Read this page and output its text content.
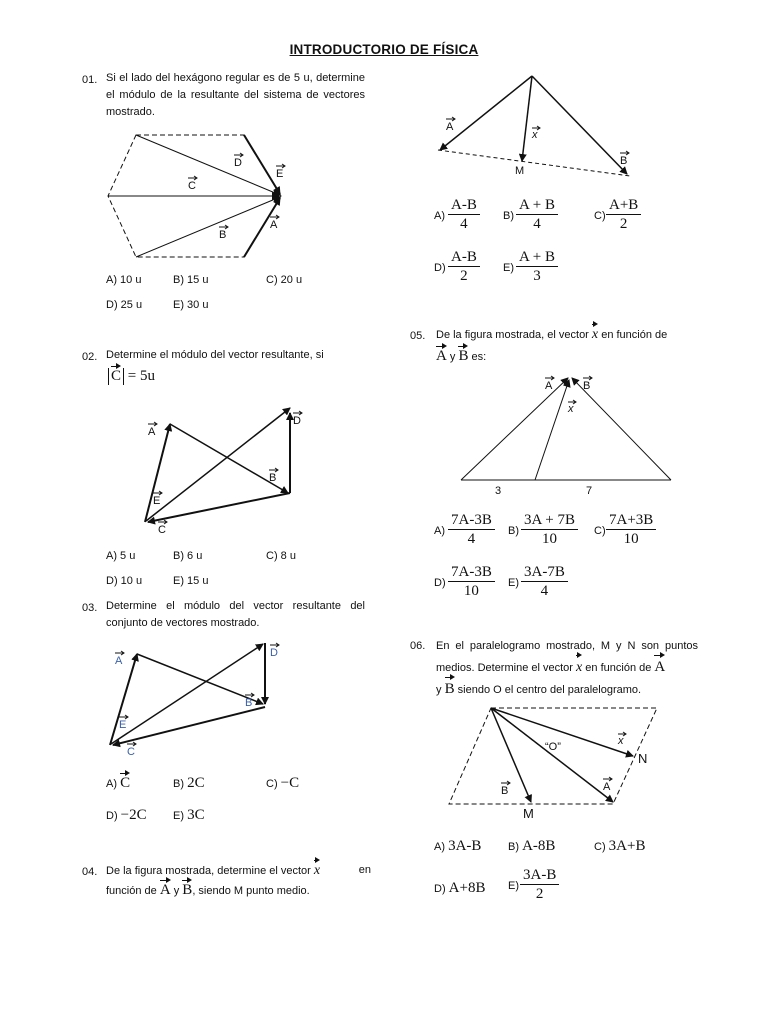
INTRODUCTORIO DE FÍSICA
01. Si el lado del hexágono regular es de 5 u, determine el módulo de la resultante del sistema de vectores mostrado.
D
E
C
B
A
A) 10 u	B) 15 u	C) 20 u
D) 25 u	E) 30 u
02. Determine el módulo del vector resultante, si
C = 5u
A
D
B
E
C
A) 5 u	B) 6 u	C) 8 u
D) 10 u	E) 15 u
03. Determine el módulo del vector resultante del conjunto de vectores mostrado.
A
D
B
E
C
A) C	B) 2C	C) −C
D) −2C E) 3C
04. De la figura mostrada, determine el vector x	en
función de A y B, siendo M punto medio.
A
x
M
B
$A) \frac{A-B}{4} B) \frac{A + B}{4}$	$C) \frac{A+B}{2}$
$D) \frac{A-B}{2} E) \frac{A + B}{3}$
05. De la figura mostrada, el vector x en función de
A y B es:
A	B
x
3	7
$A) \frac{7A-3B}{4} B) \frac{3A + 7B}{10} C) \frac{7A+3B}{10}$
$D) \frac{7A-3B}{10} E) \frac{3A-7B}{4}$
06. En el paralelogramo mostrado, M y N son puntos medios. Determine el vector x en función de A
y B siendo O el centro del paralelogramo.
“O”	x
N
A
B
M
A) 3A-B B) A-8B	C) 3A+B
D) A+8B $E) \frac{3A-B}{2}$
